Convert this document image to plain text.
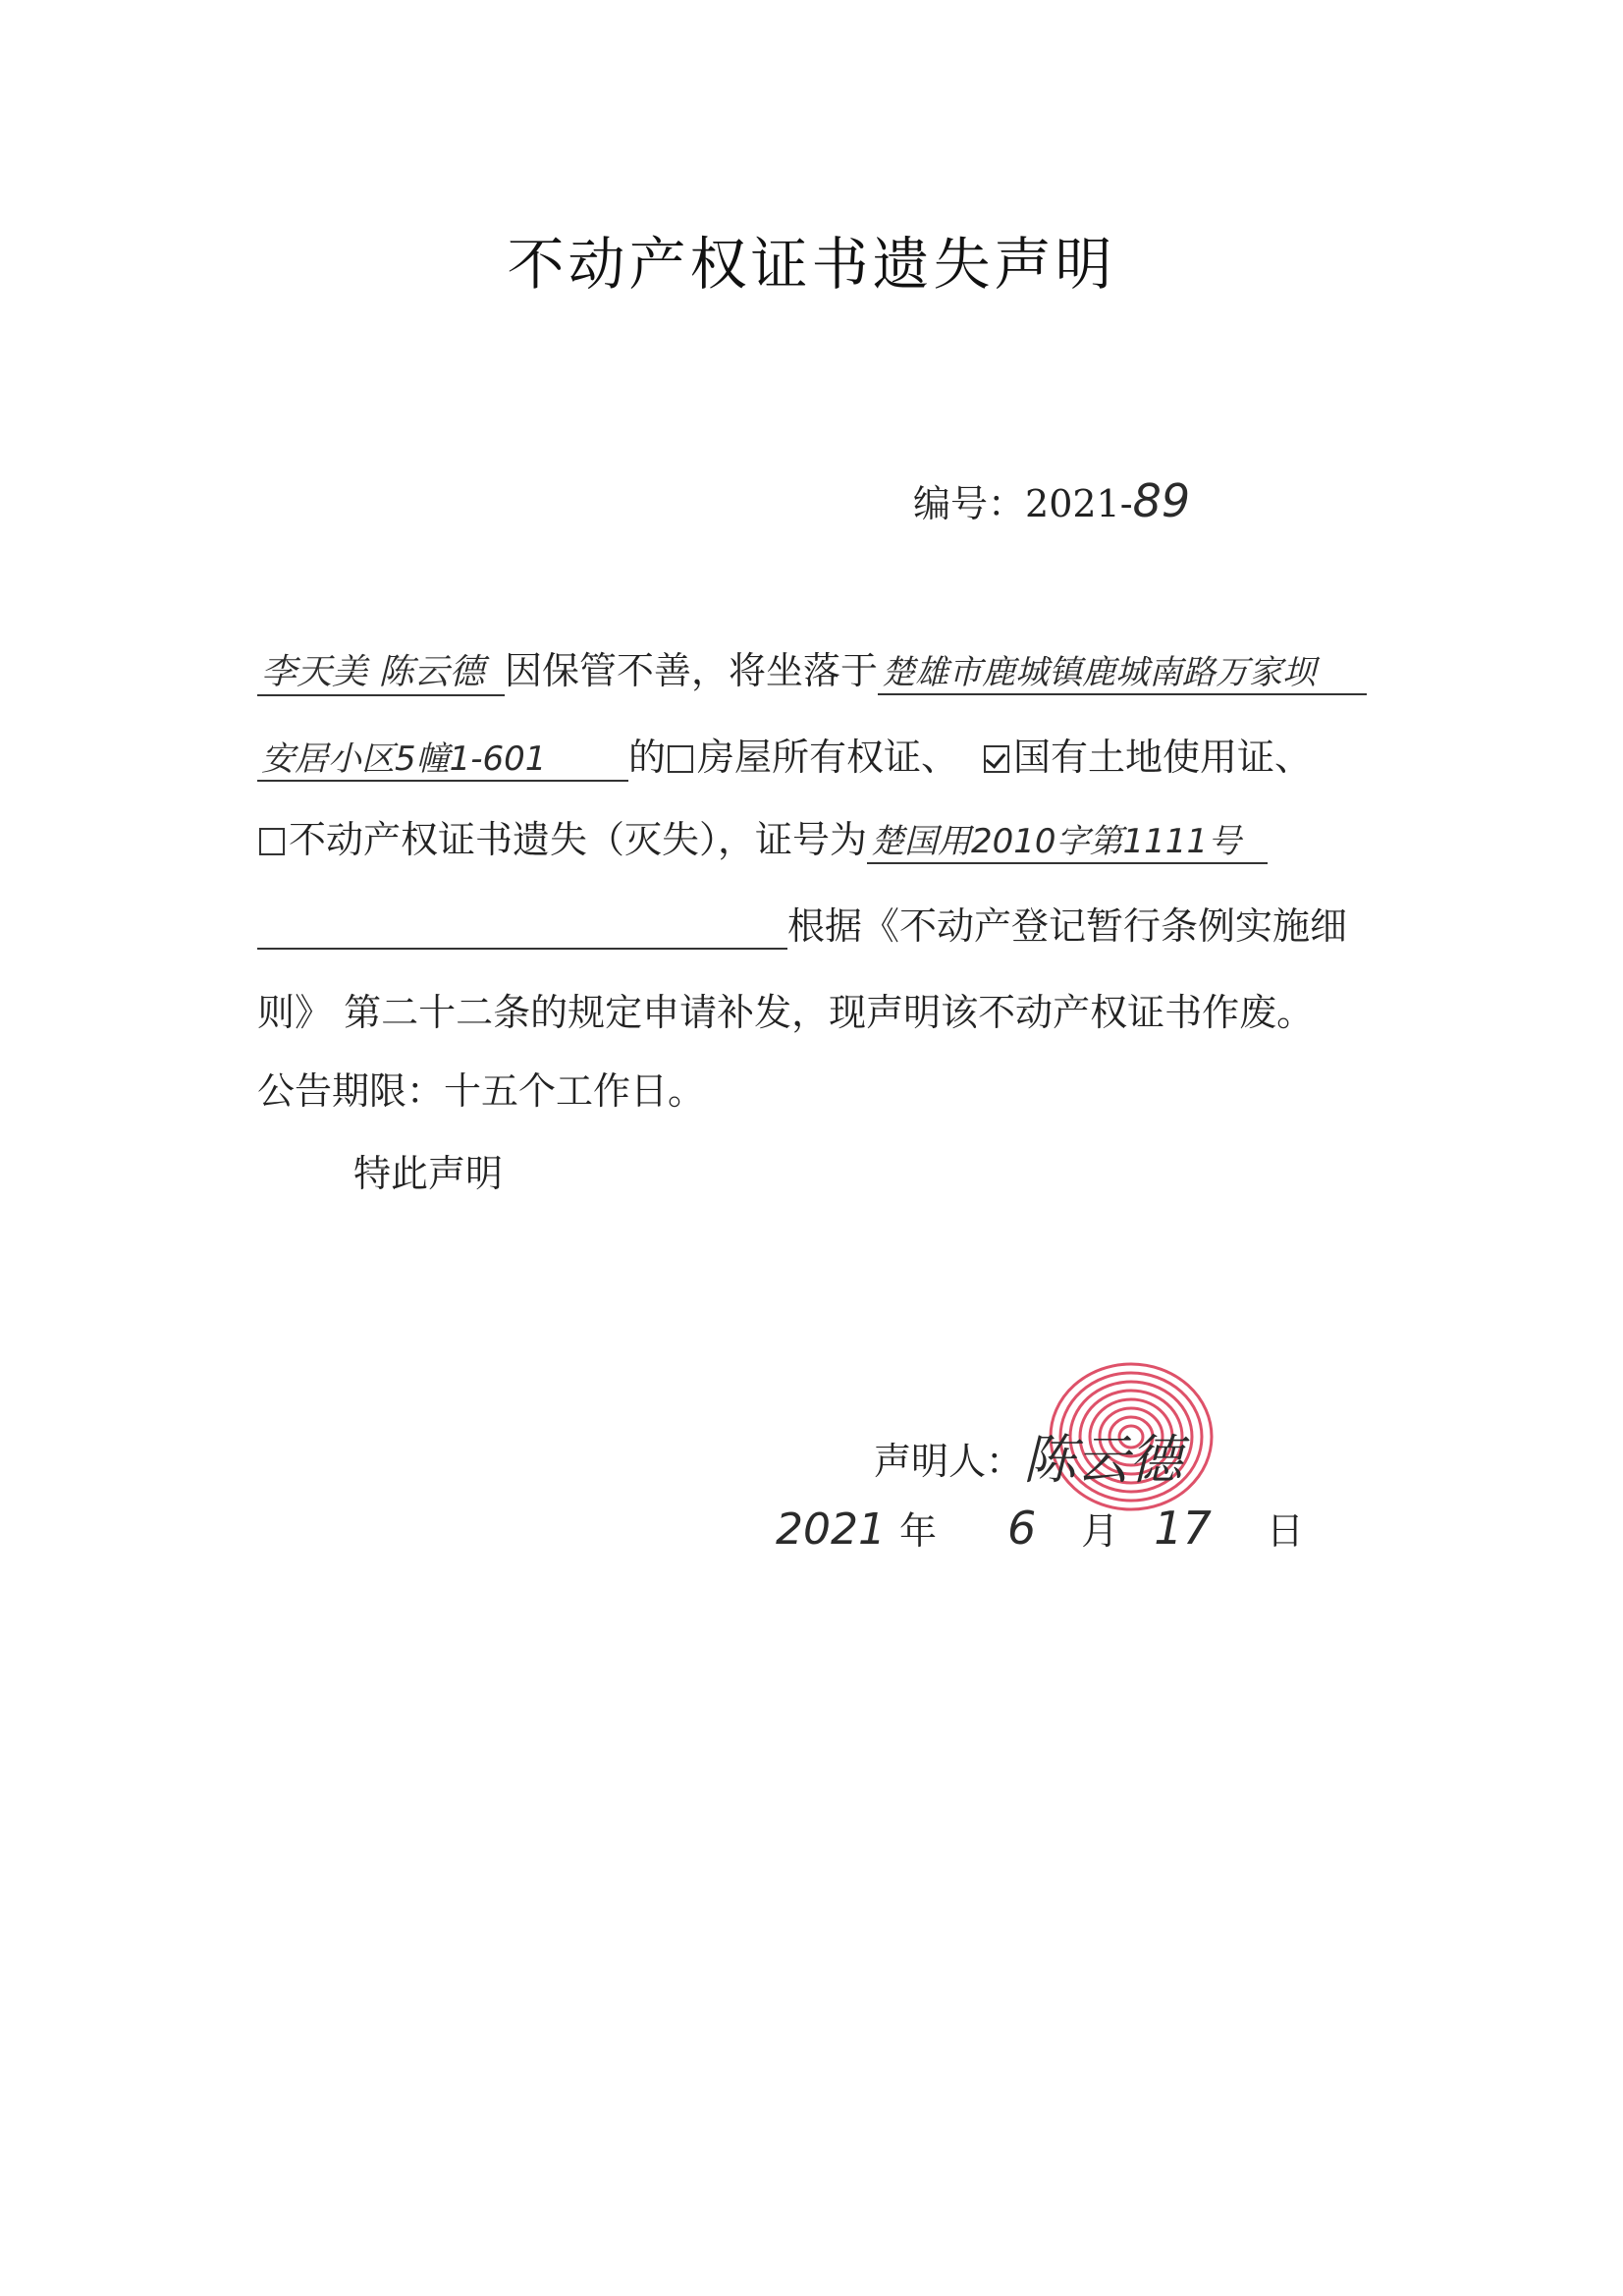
不动产权证书遗失声明
编号：2021-89
李天美 陈云德 因保管不善，将坐落于 楚雄市鹿城镇鹿城南路万家坝
安居小区5幢1-601 的 房屋所有权证、 国有土地使用证、
不动产权证书遗失（灭失），证号为 楚国用2010字第1111号
根据《不动产登记暂行条例实施细
则》 第二十二条的规定申请补发，现声明该不动产权证书作废。
公告期限：十五个工作日。
特此声明
声明人：陈云德
2021 年 6 月 17 日
